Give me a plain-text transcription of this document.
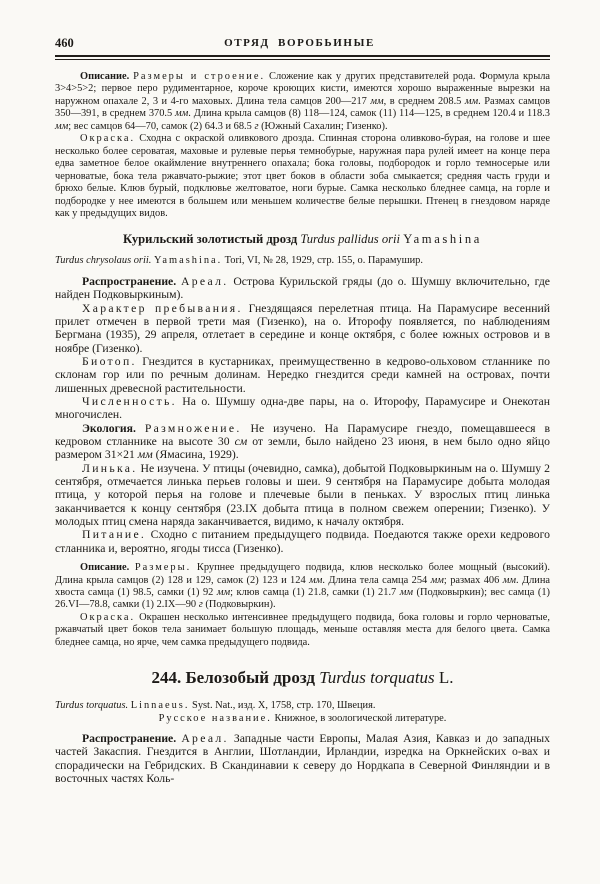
460	ОТРЯД ВОРОБЬИНЫЕ

Описание. Размеры и строение. Сложение как у других представителей рода. Формула крыла 3>4>5>2; первое перо рудиментарное, короче кроющих кисти, имеются хорошо выраженные вырезки на наружном опахале 2, 3 и 4-го маховых. Длина тела самцов 200—217 мм, в среднем 208.5 мм. Размах самцов 350—391, в среднем 370.5 мм. Длина крыла самцов (8) 118—124, самок (11) 114—125, в среднем 120.4 и 118.3 мм; вес самцов 64—70, самок (2) 64.3 и 68.5 г (Южный Сахалин; Гизенко).

Окраска. Сходна с окраской оливкового дрозда. Спинная сторона оливково-бурая, на голове и шее несколько более сероватая, маховые и рулевые перья темнобурые, наружная пара рулей имеет на конце пера едва заметное белое окаймление внутреннего опахала; бока головы, подбородок и горло темносерые или черноватые, бока тела ржавчато-рыжие; этот цвет боков в области зоба смыкается; средняя часть груди и брюхо белые. Клюв бурый, подклювье желтоватое, ноги бурые. Самка несколько бледнее самца, на горле и подбородке у нее имеются в большем или меньшем количестве белые перышки. Птенец в гнездовом наряде как у предыдущих видов.

Курильский золотистый дрозд Turdus pallidus orii Yamashina

Turdus chrysolaus orii. Yamashina. Tori, VI, № 28, 1929, стр. 155, о. Парамушир.

Распространение. Ареал. Острова Курильской гряды (до о. Шумшу включительно, где найден Подковыркиным).

Характер пребывания. Гнездящаяся перелетная птица. На Парамусире весенний прилет отмечен в первой трети мая (Гизенко), на о. Иторофу появляется, по наблюдениям Бергмана (1935), 29 апреля, отлетает в середине и конце октября, с более южных островов и в ноябре (Гизенко).

Биотоп. Гнездится в кустарниках, преимущественно в кедрово-ольховом стланнике по склонам гор или по речным долинам. Нередко гнездится среди камней на островах, почти лишенных древесной растительности.

Численность. На о. Шумшу одна-две пары, на о. Иторофу, Парамусире и Онекотан многочислен.

Экология. Размножение. Не изучено. На Парамусире гнездо, помещавшееся в кедровом стланнике на высоте 30 см от земли, было найдено 23 июня, в нем было одно яйцо размером 31×21 мм (Ямасина, 1929).

Линька. Не изучена. У птицы (очевидно, самка), добытой Подковыркиным на о. Шумшу 2 сентября, отмечается линька перьев головы и шеи. 9 сентября на Парамусире добыта молодая птица, у которой перья на голове и плечевые были в пеньках. У взрослых птиц линька заканчивается к концу сентября (23.IX добыта птица в полном свежем оперении; Гизенко). У молодых птиц смена наряда заканчивается, видимо, к началу октября.

Питание. Сходно с питанием предыдущего подвида. Поедаются также орехи кедрового стланника и, вероятно, ягоды тисса (Гизенко).

Описание. Размеры. Крупнее предыдущего подвида, клюв несколько более мощный (высокий). Длина крыла самцов (2) 128 и 129, самок (2) 123 и 124 мм. Длина тела самца 254 мм; размах 406 мм. Длина хвоста самца (1) 98.5, самки (1) 92 мм; клюв самца (1) 21.8, самки (1) 21.7 мм (Подковыркин); вес самца (1) 26.VI—78.8, самки (1) 2.IX—90 г (Подковыркин).

Окраска. Окрашен несколько интенсивнее предыдущего подвида, бока головы и горло черноватые, ржавчатый цвет боков тела занимает большую площадь, меньше оставляя места для белого цвета. Самка бледнее самца, но ярче, чем самка предыдущего подвида.

244. Белозобый дрозд Turdus torquatus L.

Turdus torquatus. Linnaeus. Syst. Nat., изд. X, 1758, стр. 170, Швеция.

Русское название. Книжное, в зоологической литературе.

Распространение. Ареал. Западные части Европы, Малая Азия, Кавказ и до западных частей Закаспия. Гнездится в Англии, Шотландии, Ирландии, изредка на Оркнейских о-вах и спорадически на Гебридских. В Скандинавии к северу до Нордкапа в Северной Финляндии и в восточных частях Коль-
